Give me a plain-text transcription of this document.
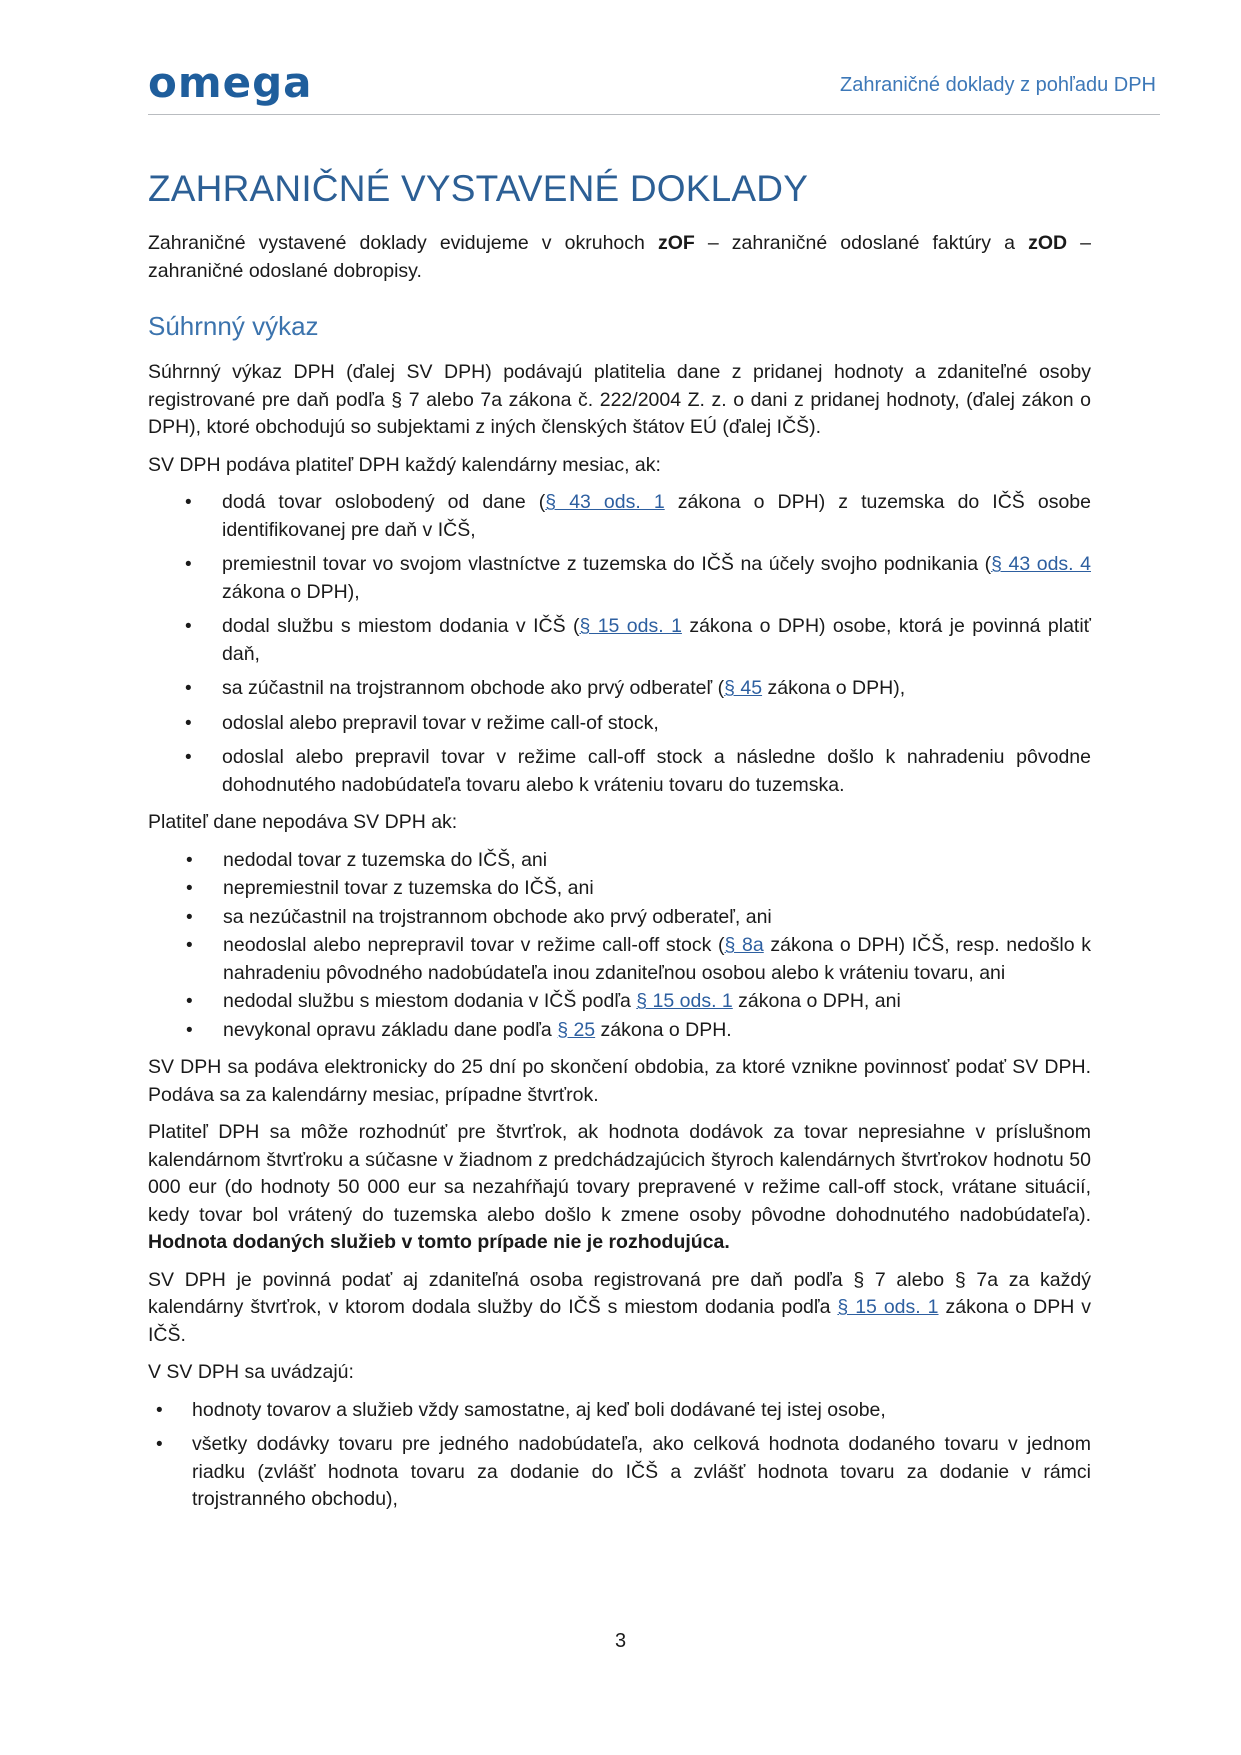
omega	Zahraničné doklady z pohľadu DPH
ZAHRANIČNÉ VYSTAVENÉ DOKLADY

Zahraničné vystavené doklady evidujeme v okruhoch zOF – zahraničné odoslané faktúry a zOD – zahraničné odoslané dobropisy.

Súhrnný výkaz

Súhrnný výkaz DPH (ďalej SV DPH) podávajú platitelia dane z pridanej hodnoty a zdaniteľné osoby registrované pre daň podľa § 7 alebo 7a zákona č. 222/2004 Z. z. o dani z pridanej hodnoty, (ďalej zákon o DPH), ktoré obchodujú so subjektami z iných členských štátov EÚ (ďalej IČŠ).

SV DPH podáva platiteľ DPH každý kalendárny mesiac, ak:

• dodá tovar oslobodený od dane (§ 43 ods. 1 zákona o DPH) z tuzemska do IČŠ osobe identifikovanej pre daň v IČŠ,
• premiestnil tovar vo svojom vlastníctve z tuzemska do IČŠ na účely svojho podnikania (§ 43 ods. 4 zákona o DPH),
• dodal službu s miestom dodania v IČŠ (§ 15 ods. 1 zákona o DPH) osobe, ktorá je povinná platiť daň,
• sa zúčastnil na trojstrannom obchode ako prvý odberateľ (§ 45 zákona o DPH),
• odoslal alebo prepravil tovar v režime call-of stock,
• odoslal alebo prepravil tovar v režime call-off stock a následne došlo k nahradeniu pôvodne dohodnutého nadobúdateľa tovaru alebo k vráteniu tovaru do tuzemska.

Platiteľ dane nepodáva SV DPH ak:

• nedodal tovar z tuzemska do IČŠ, ani
• nepremiestnil tovar z tuzemska do IČŠ, ani
• sa nezúčastnil na trojstrannom obchode ako prvý odberateľ, ani
• neodoslal alebo neprepravil tovar v režime call-off stock (§ 8a zákona o DPH) IČŠ, resp. nedošlo k nahradeniu pôvodného nadobúdateľa inou zdaniteľnou osobou alebo k vráteniu tovaru, ani
• nedodal službu s miestom dodania v IČŠ podľa § 15 ods. 1 zákona o DPH, ani
• nevykonal opravu základu dane podľa § 25 zákona o DPH.

SV DPH sa podáva elektronicky do 25 dní po skončení obdobia, za ktoré vznikne povinnosť podať SV DPH. Podáva sa za kalendárny mesiac, prípadne štvrťrok.

Platiteľ DPH sa môže rozhodnúť pre štvrťrok, ak hodnota dodávok za tovar nepresiahne v príslušnom kalendárnom štvrťroku a súčasne v žiadnom z predchádzajúcich štyroch kalendárnych štvrťrokov hodnotu 50 000 eur (do hodnoty 50 000 eur sa nezahŕňajú tovary prepravené v režime call-off stock, vrátane situácií, kedy tovar bol vrátený do tuzemska alebo došlo k zmene osoby pôvodne dohodnutého nadobúdateľa). Hodnota dodaných služieb v tomto prípade nie je rozhodujúca.

SV DPH je povinná podať aj zdaniteľná osoba registrovaná pre daň podľa § 7 alebo § 7a za každý kalendárny štvrťrok, v ktorom dodala služby do IČŠ s miestom dodania podľa § 15 ods. 1 zákona o DPH v IČŠ.

V SV DPH sa uvádzajú:

• hodnoty tovarov a služieb vždy samostatne, aj keď boli dodávané tej istej osobe,
• všetky dodávky tovaru pre jedného nadobúdateľa, ako celková hodnota dodaného tovaru v jednom riadku (zvlášť hodnota tovaru za dodanie do IČŠ a zvlášť hodnota tovaru za dodanie v rámci trojstranného obchodu),
3
